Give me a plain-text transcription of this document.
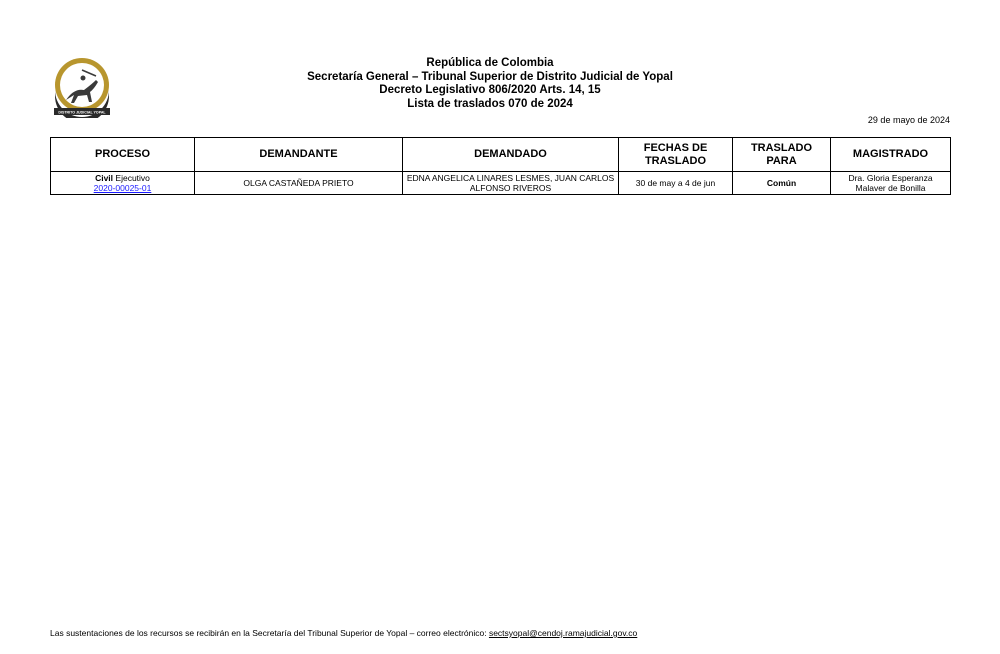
DISTRITO JUDICIAL YOPAL
República de Colombia
Secretaría General – Tribunal Superior de Distrito Judicial de Yopal
Decreto Legislativo 806/2020 Arts. 14, 15
Lista de traslados 070 de 2024
29 de mayo de 2024
PROCESO	DEMANDANTE	DEMANDADO	FECHAS DE TRASLADO	TRASLADO PARA	MAGISTRADO

Civil Ejecutivo
2020-00025-01	OLGA CASTAÑEDA PRIETO	EDNA ANGELICA LINARES LESMES, JUAN CARLOS ALFONSO RIVEROS	30 de may a 4 de jun	Común	Dra. Gloria Esperanza Malaver de Bonilla
Las sustentaciones de los recursos se recibirán en la Secretaría del Tribunal Superior de Yopal – correo electrónico: sectsyopal@cendoj.ramajudicial.gov.co
